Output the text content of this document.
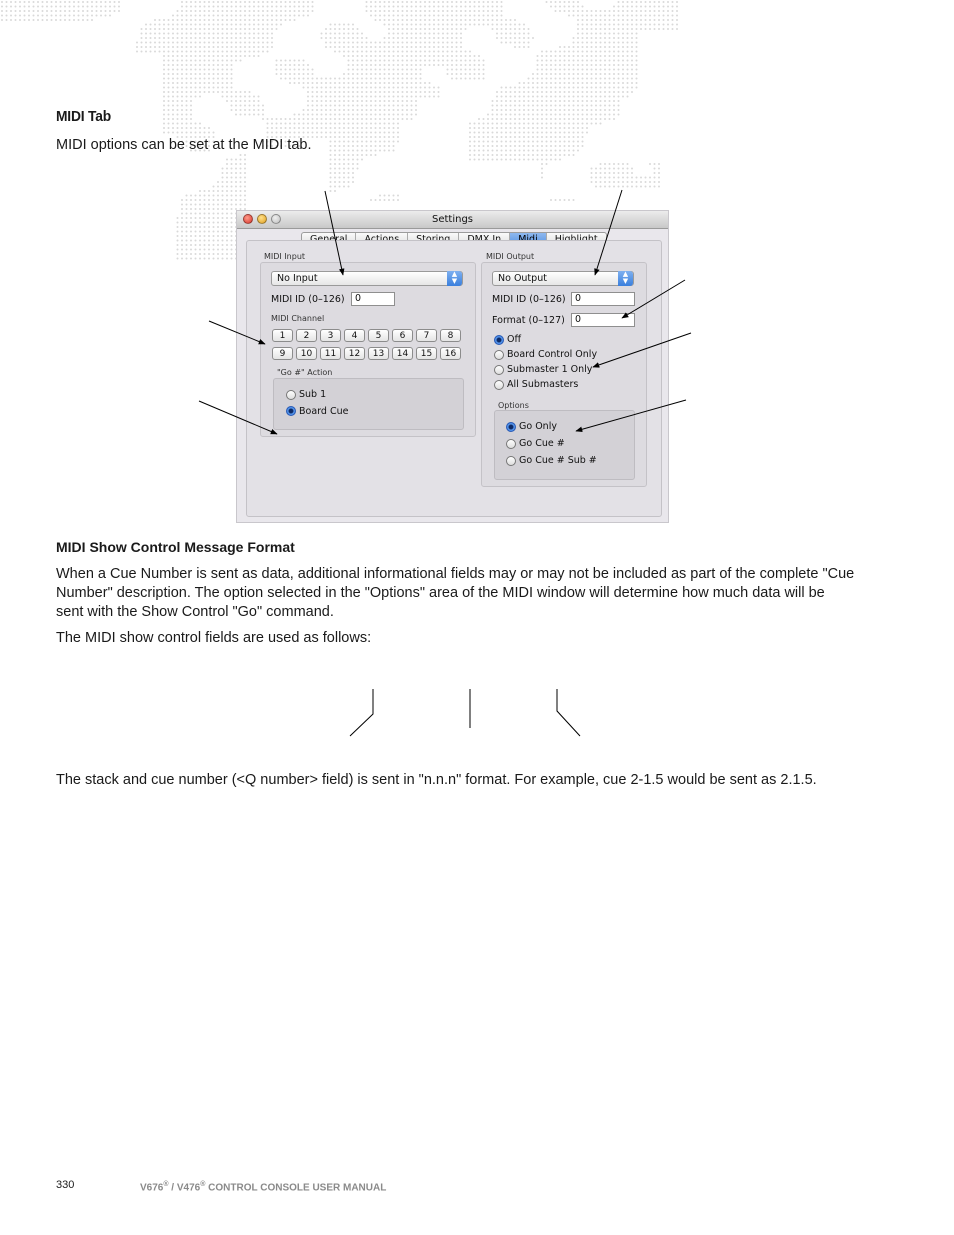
MIDI Tab
MIDI options can be set at the MIDI tab.
Settings
MIDI Input
No Input	▲
▼
MIDI ID (0–126)	0
MIDI Channel
"Go #" Action
Sub 1
Board Cue
MIDI Output
No Output	▲
▼
MIDI ID (0–126) 0
Format (0–127)	0
Off
Board Control Only
Submaster 1 Only
All Submasters
Options
Go Only
Go Cue #
Go Cue # Sub #
1	2	3	4	5	6	7	8
9	10	11	12	13	14	15	16
MIDI Show Control Message Format
When a Cue Number is sent as data, additional informational fields may or may not be included as part of the complete "Cue Number" description. The option selected in the "Options" area of the MIDI window will determine how much data will be sent with the Show Control "Go" command.
The MIDI show control fields are used as follows:
The stack and cue number (<Q number> field) is sent in "n.n.n" format. For example, cue 2-1.5 would be sent as 2.1.5.
330	V676® / V476® CONTROL CONSOLE USER MANUAL
